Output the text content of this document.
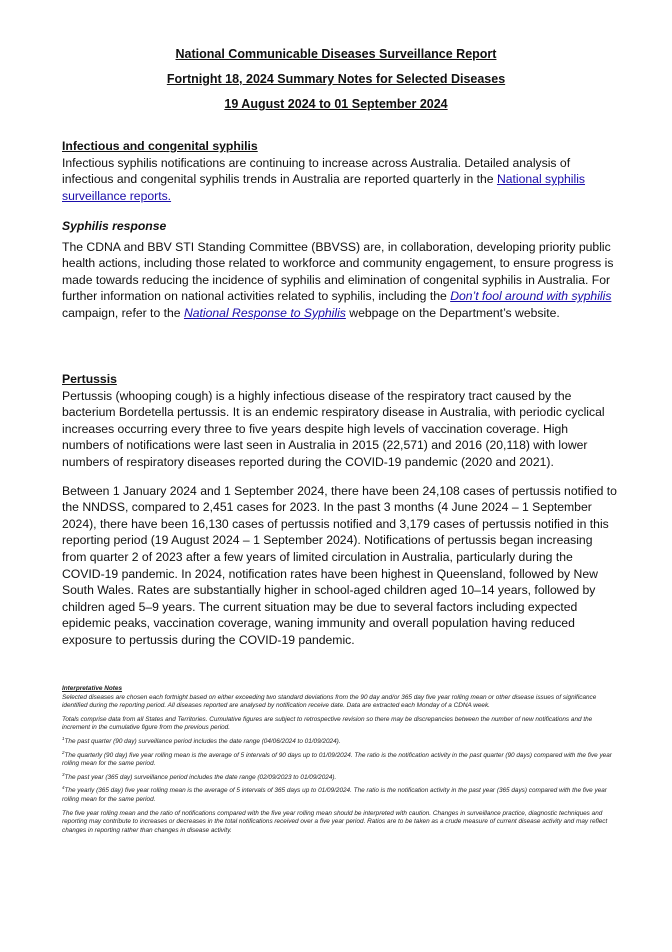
National Communicable Diseases Surveillance Report
Fortnight 18, 2024 Summary Notes for Selected Diseases
19 August 2024 to 01 September 2024
Infectious and congenital syphilis

Infectious syphilis notifications are continuing to increase across Australia. Detailed analysis of infectious and congenital syphilis trends in Australia are reported quarterly in the National syphilis surveillance reports.

Syphilis response

The CDNA and BBV STI Standing Committee (BBVSS) are, in collaboration, developing priority public health actions, including those related to workforce and community engagement, to ensure progress is made towards reducing the incidence of syphilis and elimination of congenital syphilis in Australia. For further information on national activities related to syphilis, including the Don’t fool around with syphilis campaign, refer to the National Response to Syphilis webpage on the Department’s website.

Pertussis

Pertussis (whooping cough) is a highly infectious disease of the respiratory tract caused by the bacterium Bordetella pertussis. It is an endemic respiratory disease in Australia, with periodic cyclical increases occurring every three to five years despite high levels of vaccination coverage. High numbers of notifications were last seen in Australia in 2015 (22,571) and 2016 (20,118) with lower numbers of respiratory diseases reported during the COVID-19 pandemic (2020 and 2021).

Between 1 January 2024 and 1 September 2024, there have been 24,108 cases of pertussis notified to the NNDSS, compared to 2,451 cases for 2023. In the past 3 months (4 June 2024 – 1 September 2024), there have been 16,130 cases of pertussis notified and 3,179 cases of pertussis notified in this reporting period (19 August 2024 – 1 September 2024). Notifications of pertussis began increasing from quarter 2 of 2023 after a few years of limited circulation in Australia, particularly during the COVID-19 pandemic. In 2024, notification rates have been highest in Queensland, followed by New South Wales. Rates are substantially higher in school-aged children aged 10–14 years, followed by children aged 5–9 years. The current situation may be due to several factors including expected epidemic peaks, vaccination coverage, waning immunity and overall population having reduced exposure to pertussis during the COVID-19 pandemic.

Interpretative Notes

Selected diseases are chosen each fortnight based on either exceeding two standard deviations from the 90 day and/or 365 day five year rolling mean or other disease issues of significance identified during the reporting period. All diseases reported are analysed by notification receive date. Data are extracted each Monday of a CDNA week.

Totals comprise data from all States and Territories. Cumulative figures are subject to retrospective revision so there may be discrepancies between the number of new notifications and the increment in the cumulative figure from the previous period.

$^1$The past quarter (90 day) surveillance period includes the date range (04/06/2024 to 01/09/2024).

$^2$The quarterly (90 day) five year rolling mean is the average of 5 intervals of 90 days up to 01/09/2024. The ratio is the notification activity in the past quarter (90 days) compared with the five year rolling mean for the same period.

$^3$The past year (365 day) surveillance period includes the date range (02/09/2023 to 01/09/2024).

$^4$The yearly (365 day) five year rolling mean is the average of 5 intervals of 365 days up to 01/09/2024. The ratio is the notification activity in the past year (365 days) compared with the five year rolling mean for the same period.

The five year rolling mean and the ratio of notifications compared with the five year rolling mean should be interpreted with caution. Changes in surveillance practice, diagnostic techniques and reporting may contribute to increases or decreases in the total notifications received over a five year period. Ratios are to be taken as a crude measure of current disease activity and may reflect changes in reporting rather than changes in disease activity.
